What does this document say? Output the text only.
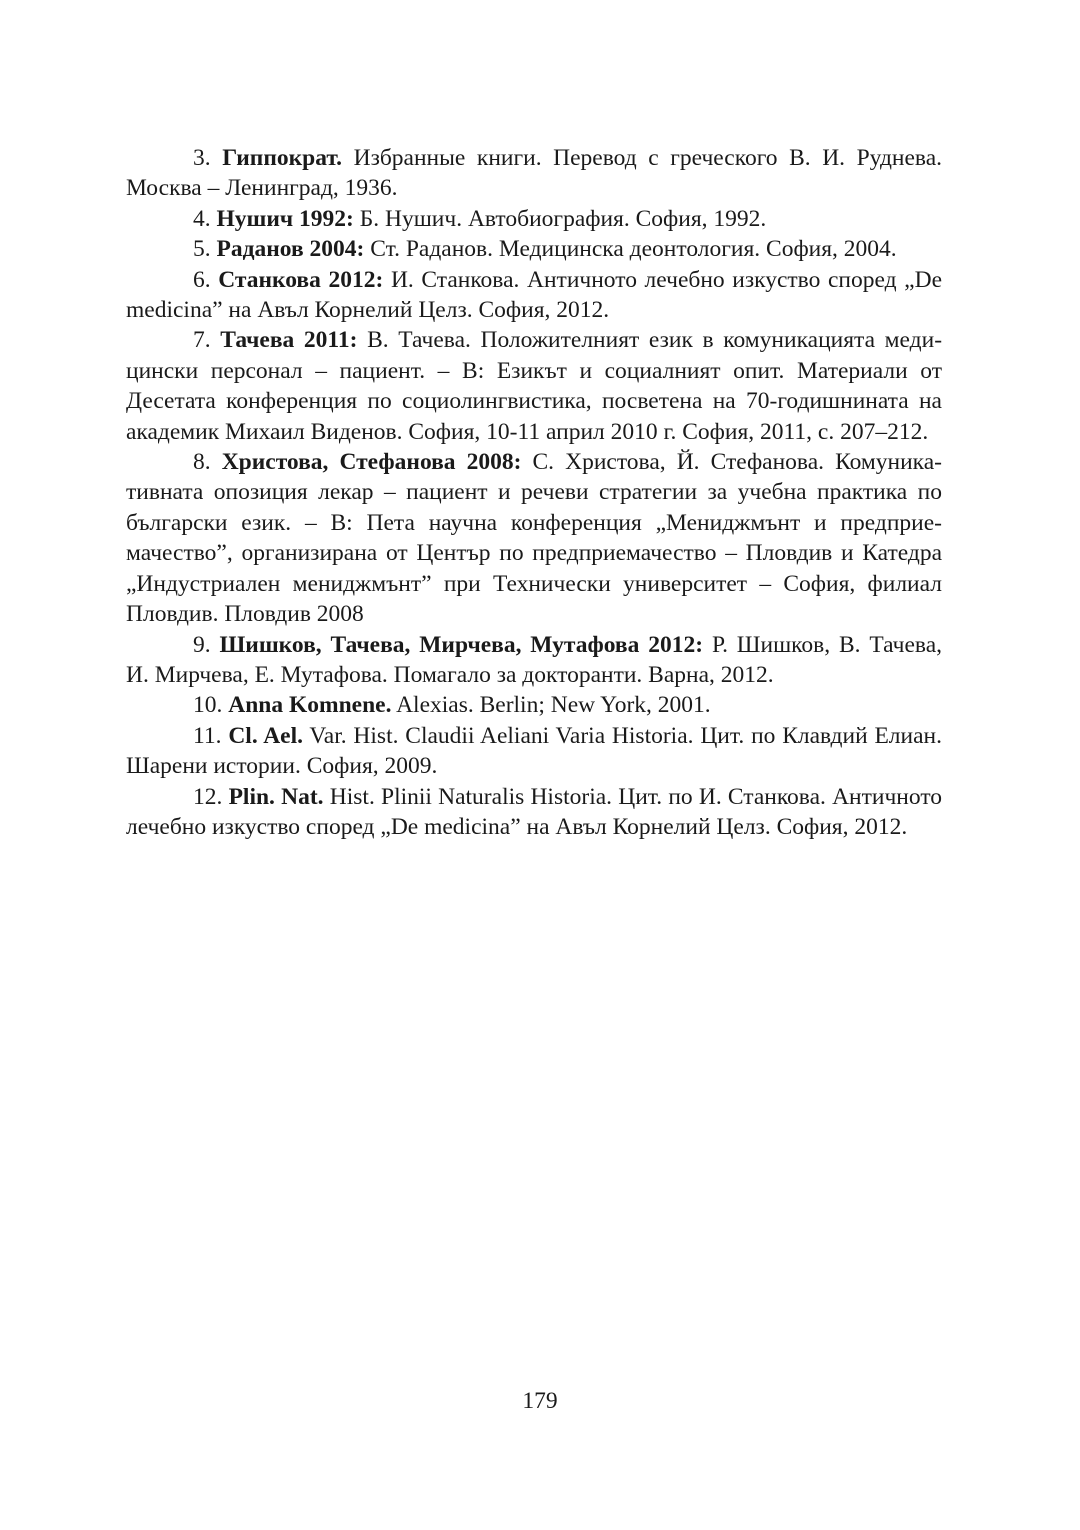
3. Гиппократ. Избранные книги. Перевод с греческого В. И. Руднева. Москва – Ленинград, 1936.

4. Нушич 1992: Б. Нушич. Автобиография. София, 1992.

5. Раданов 2004: Ст. Раданов. Медицинска деонтология. София, 2004.

6. Станкова 2012: И. Станкова. Античното лечебно изкуство според „De medicina” на Авъл Корнелий Целз. София, 2012.

7. Тачева 2011: В. Тачева. Положителният език в комуникацията медицински персонал – пациент. – В: Езикът и социалният опит. Материали от Десетата конференция по социолингвистика, посветена на 70-годишнината на академик Михаил Виденов. София, 10-11 април 2010 г. София, 2011, с. 207–212.

8. Христова, Стефанова 2008: С. Христова, Й. Стефанова. Комуникативната опозиция лекар – пациент и речеви стратегии за учебна практика по български език. – В: Пета научна конференция „Мениджмънт и предприемачество”, организирана от Център по предприемачество – Пловдив и Катедра „Индустриален мениджмънт” при Технически университет – София, филиал Пловдив. Пловдив 2008

9. Шишков, Тачева, Мирчева, Мутафова 2012: Р. Шишков, В. Тачева, И. Мирчева, Е. Мутафова. Помагало за докторанти. Варна, 2012.

10. Anna Komnene. Alexias. Berlin; New York, 2001.

11. Cl. Ael. Var. Hist. Claudii Aeliani Varia Historia. Цит. по Клавдий Елиан. Шарени истории. София, 2009.

12. Plin. Nat. Hist. Plinii Naturalis Historia. Цит. по И. Станкова. Античното лечебно изкуство според „De medicina” на Авъл Корнелий Целз. София, 2012.

179
